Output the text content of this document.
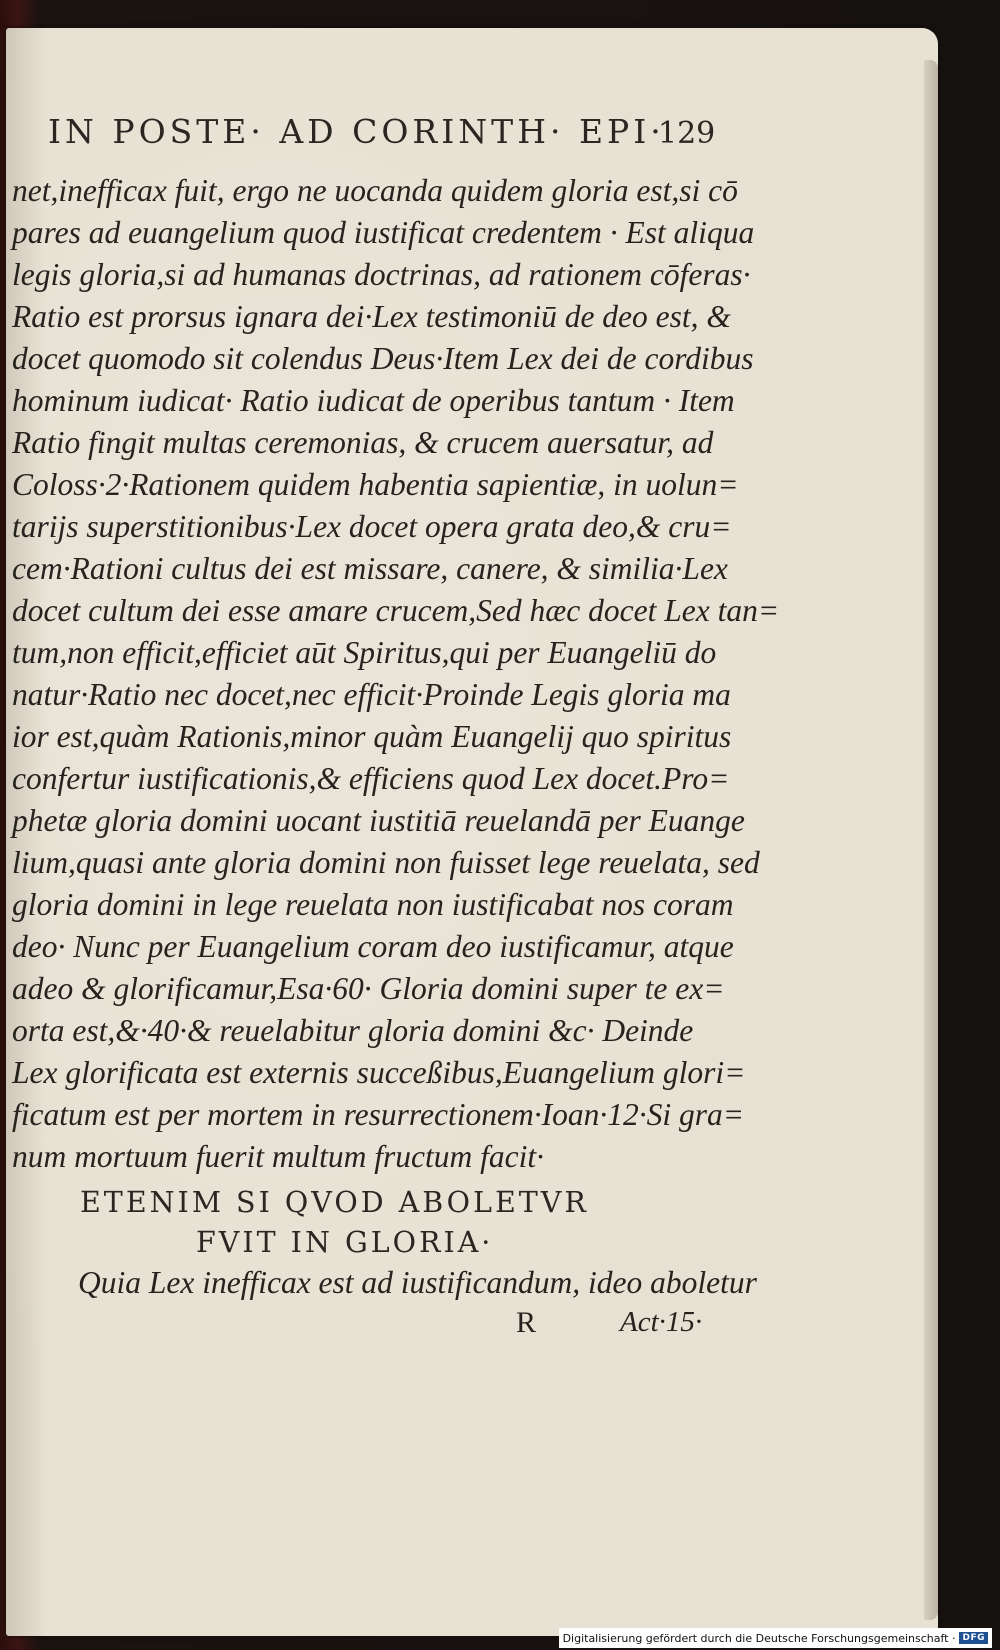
IN POSTE· AD CORINTH· EPI·
129
net,inefficax fuit, ergo ne uocanda quidem gloria est,si cō
pares ad euangelium quod iustificat credentem · Est aliqua
legis gloria,si ad humanas doctrinas, ad rationem cōferas·
Ratio est prorsus ignara dei·Lex testimoniū de deo est, &
docet quomodo sit colendus Deus·Item Lex dei de cordibus
hominum iudicat· Ratio iudicat de operibus tantum · Item
Ratio fingit multas ceremonias, & crucem auersatur, ad
Coloss·2·Rationem quidem habentia sapientiæ, in uolun=
tarijs superstitionibus·Lex docet opera grata deo,& cru=
cem·Rationi cultus dei est missare, canere, & similia·Lex
docet cultum dei esse amare crucem,Sed hæc docet Lex tan=
tum,non efficit,efficiet aūt Spiritus,qui per Euangeliū do
natur·Ratio nec docet,nec efficit·Proinde Legis gloria ma
ior est,quàm Rationis,minor quàm Euangelij quo spiritus
confertur iustificationis,& efficiens quod Lex docet.Pro=
phetæ gloria domini uocant iustitiā reuelandā per Euange
lium,quasi ante gloria domini non fuisset lege reuelata, sed
gloria domini in lege reuelata non iustificabat nos coram
deo· Nunc per Euangelium coram deo iustificamur, atque
adeo & glorificamur,Esa·60· Gloria domini super te ex=
orta est,&·40·& reuelabitur gloria domini &c· Deinde
Lex glorificata est externis succeßibus,Euangelium glori=
ficatum est per mortem in resurrectionem·Ioan·12·Si gra=
num mortuum fuerit multum fructum facit·
ETENIM SI QVOD ABOLETVR
FVIT IN GLORIA·
Quia Lex inefficax est ad iustificandum, ideo aboletur
R	Act·15·
Digitalisierung gefördert durch die Deutsche Forschungsgemeinschaft · DFG
